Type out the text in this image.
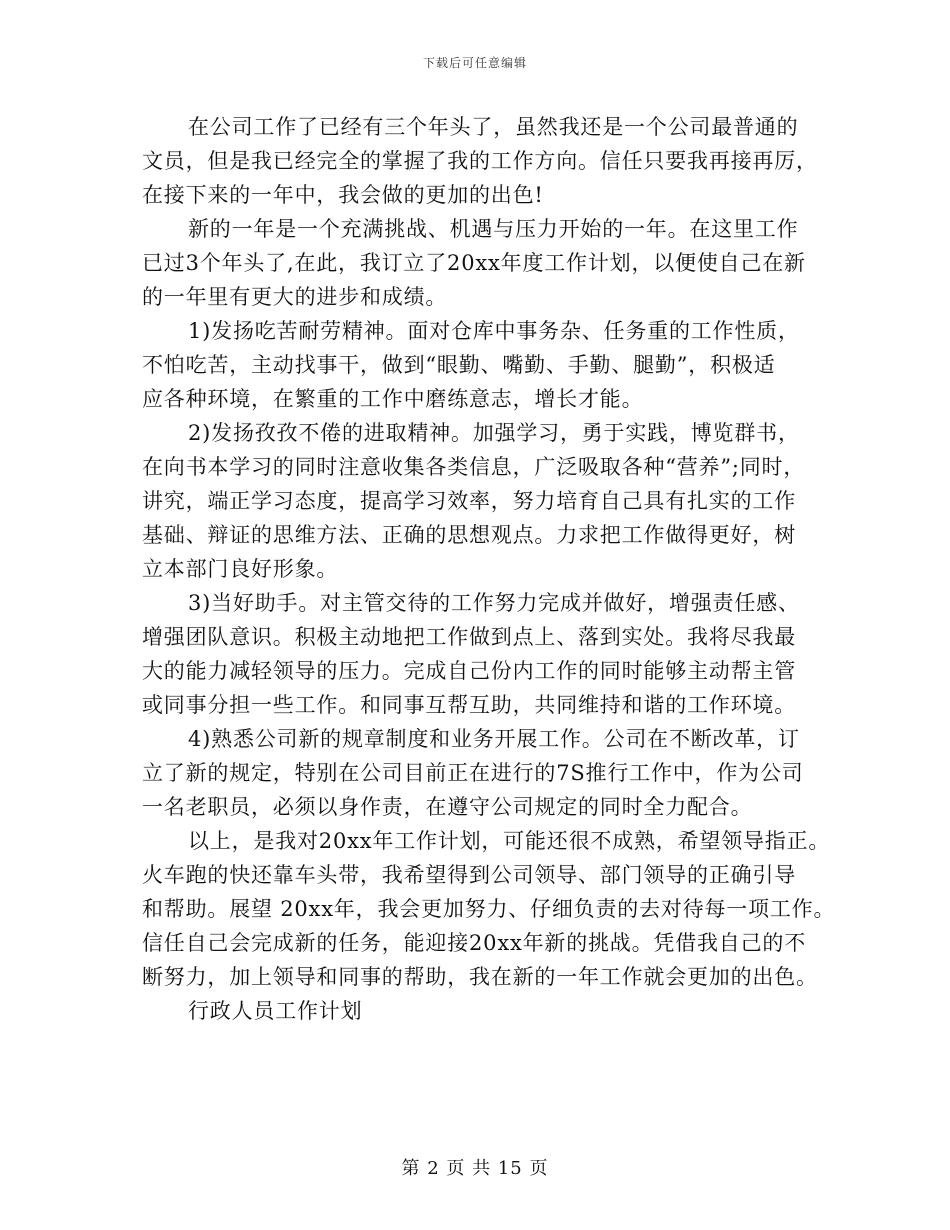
下载后可任意编辑
在公司工作了已经有三个年头了，虽然我还是一个公司最普通的
文员，但是我已经完全的掌握了我的工作方向。信任只要我再接再厉，
在接下来的一年中，我会做的更加的出色!
新的一年是一个充满挑战、机遇与压力开始的一年。在这里工作
已过3个年头了,在此，我订立了20xx年度工作计划，以便使自己在新
的一年里有更大的进步和成绩。
1)发扬吃苦耐劳精神。面对仓库中事务杂、任务重的工作性质，
不怕吃苦，主动找事干，做到“眼勤、嘴勤、手勤、腿勤”，积极适
应各种环境，在繁重的工作中磨练意志，增长才能。
2)发扬孜孜不倦的进取精神。加强学习，勇于实践，博览群书，
在向书本学习的同时注意收集各类信息，广泛吸取各种“营养”;同时，
讲究，端正学习态度，提高学习效率，努力培育自己具有扎实的工作
基础、辩证的思维方法、正确的思想观点。力求把工作做得更好，树
立本部门良好形象。
3)当好助手。对主管交待的工作努力完成并做好，增强责任感、
增强团队意识。积极主动地把工作做到点上、落到实处。我将尽我最
大的能力减轻领导的压力。完成自己份内工作的同时能够主动帮主管
或同事分担一些工作。和同事互帮互助，共同维持和谐的工作环境。
4)熟悉公司新的规章制度和业务开展工作。公司在不断改革，订
立了新的规定，特别在公司目前正在进行的7S推行工作中，作为公司
一名老职员，必须以身作责，在遵守公司规定的同时全力配合。
以上，是我对20xx年工作计划，可能还很不成熟，希望领导指正。
火车跑的快还靠车头带，我希望得到公司领导、部门领导的正确引导
和帮助。展望 20xx年，我会更加努力、仔细负责的去对待每一项工作。
信任自己会完成新的任务，能迎接20xx年新的挑战。凭借我自己的不
断努力，加上领导和同事的帮助，我在新的一年工作就会更加的出色。
行政人员工作计划
第 2 页 共 15 页
